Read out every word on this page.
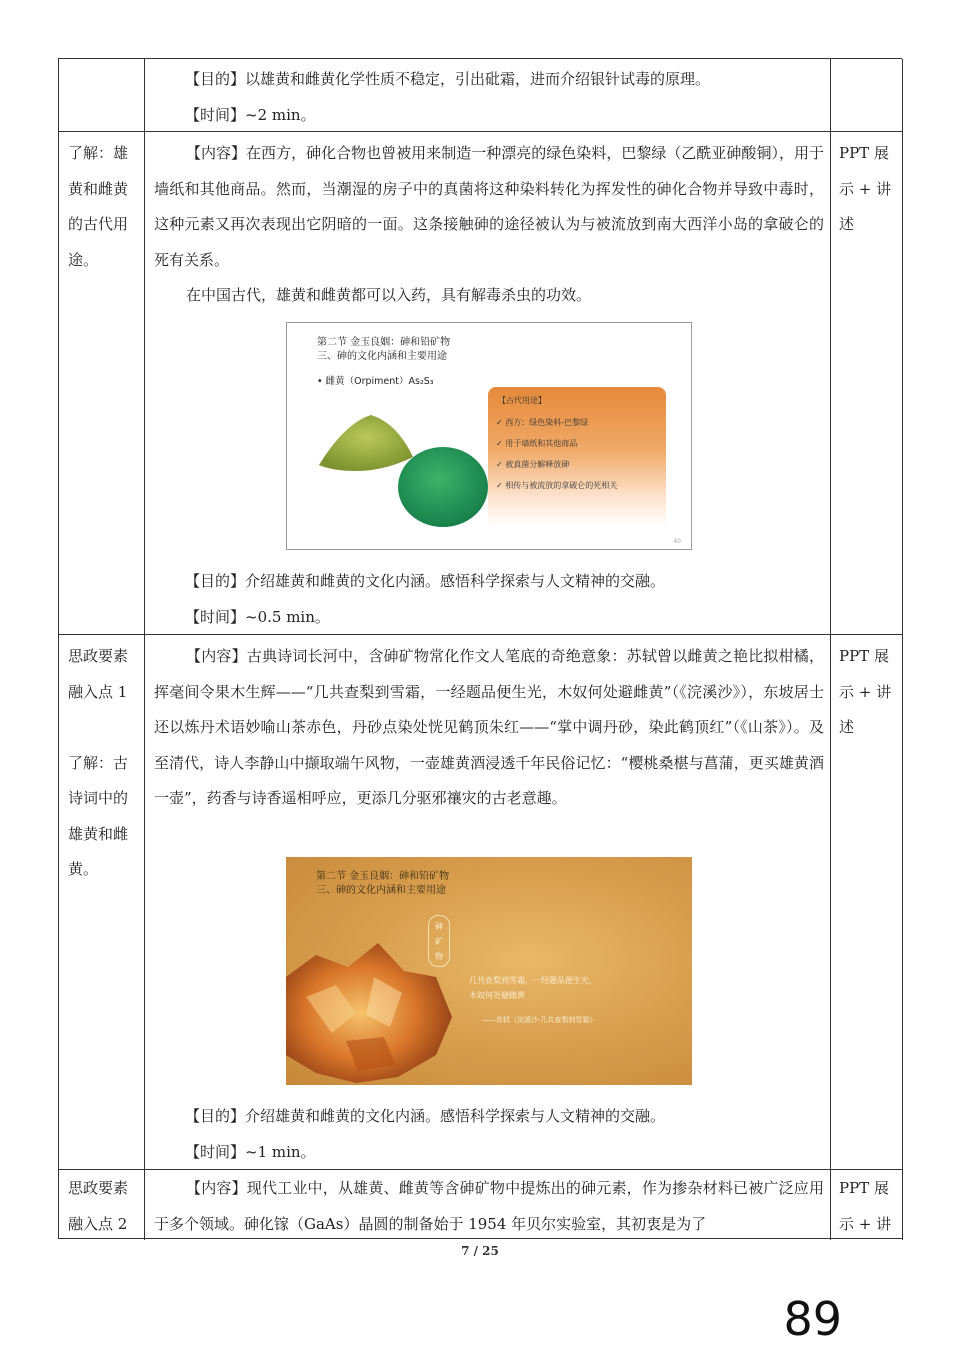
【目的】以雄黄和雌黄化学性质不稳定，引出砒霜，进而介绍银针试毒的原理。
【时间】~2 min。
了解：雄
黄和雌黄
的古代用
途。
【内容】在西方，砷化合物也曾被用来制造一种漂亮的绿色染料，巴黎绿（乙酰亚砷酸铜），用于墙纸和其他商品。然而，当潮湿的房子中的真菌将这种染料转化为挥发性的砷化合物并导致中毒时，这种元素又再次表现出它阴暗的一面。这条接触砷的途径被认为与被流放到南大西洋小岛的拿破仑的死有关系。
在中国古代，雄黄和雌黄都可以入药，具有解毒杀虫的功效。
【目的】介绍雄黄和雌黄的文化内涵。感悟科学探索与人文精神的交融。
【时间】~0.5 min。
PPT 展
示 + 讲
述
第二节 金玉良姻：砷和铅矿物
三、砷的文化内涵和主要用途
• 雌黄（Orpiment）As₂S₃
【古代用途】
✓ 西方：绿色染料-巴黎绿
✓ 用于墙纸和其他商品
✓ 被真菌分解释放砷
✓ 相传与被流放的拿破仑的死相关
40
思政要素
融入点 1
了解：古
诗词中的
雄黄和雌
黄。
【内容】古典诗词长河中，含砷矿物常化作文人笔底的奇绝意象：苏轼曾以雌黄之艳比拟柑橘，挥毫间令果木生辉——“几共查梨到雪霜，一经题品便生光，木奴何处避雌黄”（《浣溪沙》），东坡居士还以炼丹术语妙喻山茶赤色，丹砂点染处恍见鹤顶朱红——“掌中调丹砂，染此鹤顶红”（《山茶》）。及至清代，诗人李静山中撷取端午风物，一壶雄黄酒浸透千年民俗记忆：“樱桃桑椹与菖蒲，更买雄黄酒一壶”，药香与诗香遥相呼应，更添几分驱邪禳灾的古老意趣。
【目的】介绍雄黄和雌黄的文化内涵。感悟科学探索与人文精神的交融。
【时间】~1 min。
PPT 展
示 + 讲
述
第二节 金玉良姻：砷和铅矿物
三、砷的文化内涵和主要用途
砷
矿
物
几共查梨到雪霜，一经题品便生光，
木奴何处避雌黄
——苏轼《浣溪沙·几共查梨到雪霜》
思政要素
融入点 2
【内容】现代工业中，从雄黄、雌黄等含砷矿物中提炼出的砷元素，作为掺杂材料已被广泛应用于多个领域。砷化镓（GaAs）晶圆的制备始于 1954 年贝尔实验室，其初衷是为了
PPT 展
示 + 讲
7 / 25
89
